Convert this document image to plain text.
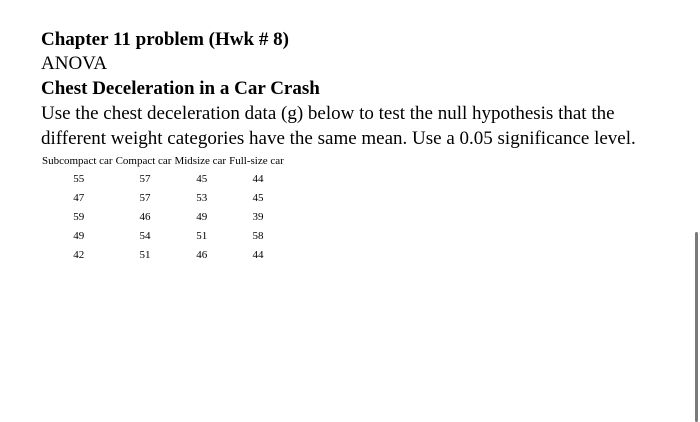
Chapter 11 problem (Hwk # 8)

ANOVA

Chest Deceleration in a Car Crash

Use the chest deceleration data (g) below to test the null hypothesis that the different weight categories have the same mean. Use a 0.05 significance level.

Subcompact car	Compact car	Midsize car	Full-size car
55	57	45	44
47	57	53	45
59	46	49	39
49	54	51	58
42	51	46	44
